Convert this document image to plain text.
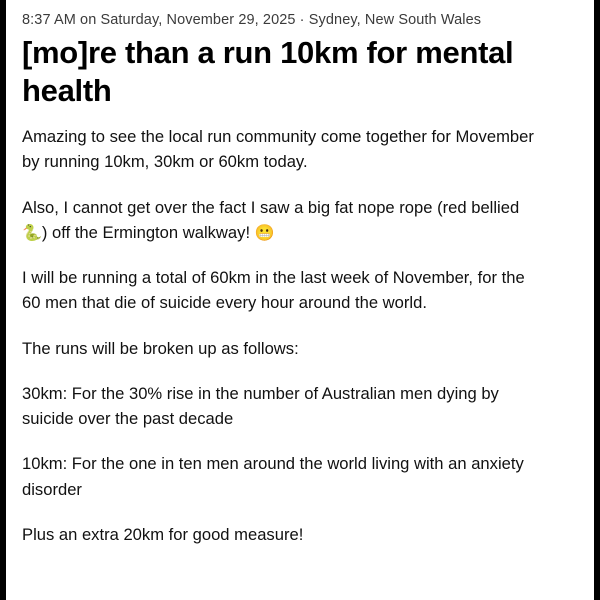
8:37 AM on Saturday, November 29, 2025 · Sydney, New South Wales
[mo]re than a run 10km for mental health

Amazing to see the local run community come together for Movember by running 10km, 30km or 60km today.

Also, I cannot get over the fact I saw a big fat nope rope (red bellied 🐍) off the Ermington walkway! 😬

I will be running a total of 60km in the last week of November, for the 60 men that die of suicide every hour around the world.

The runs will be broken up as follows:

30km: For the 30% rise in the number of Australian men dying by suicide over the past decade

10km: For the one in ten men around the world living with an anxiety disorder

Plus an extra 20km for good measure!
